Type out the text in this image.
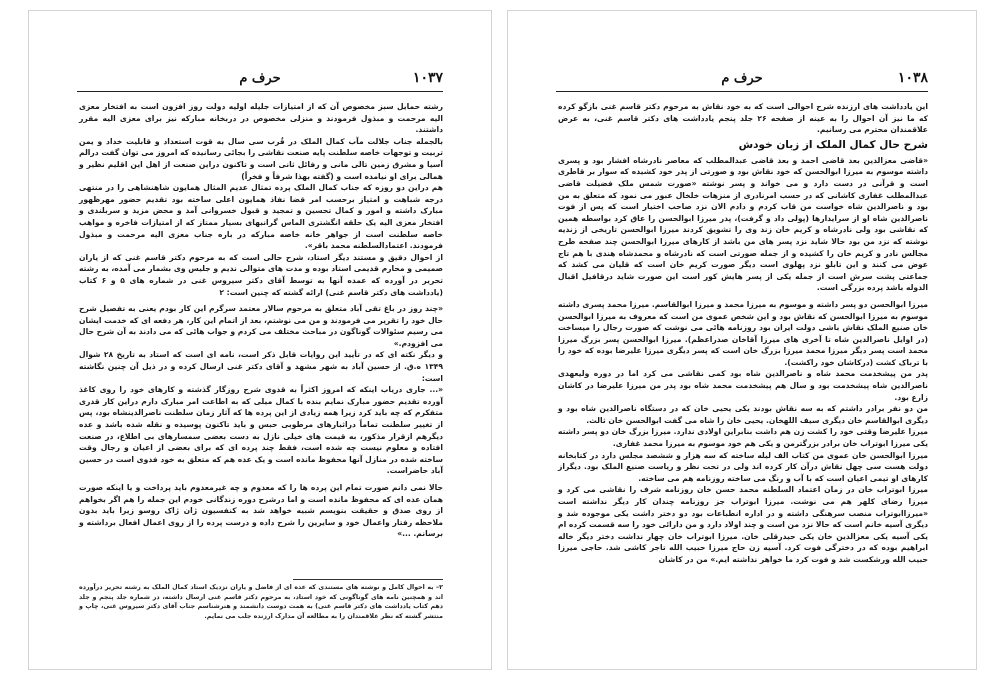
حرف م	۱۰۳۷

رشته حمایل سبز مخصوص آن که از امتیازات جلیله اولیه دولت روز افزون است به افتخار معزی الیه مرحمت و مبذول فرمودند و منزلی مخصوص در دربخانه مبارکه نیز برای معزی الیه مقرر داشتند.

بالجمله جناب جلالت مآب کمال الملک در قُرب سی سال به قوت استعداد و قابلیت خداد و یمن تربیت و توجهات خاصه سلطنت پایه صنعت نقاشی را بجائی رسانیده که امروز می توان گفت درالم آسیا و مشرق زمین تالی مانی و رفائل ثانی است و تاکنون دراین صنعت از اهل این اقلیم نظیر و همالی برای او نیامده است و (گفته بهذا شرفاً و فخراً)

هم دراین دو روزه که جناب کمال الملک پرده تمثال عدیم المثال همایون شاهنشاهی را در منتهی درجه شباهت و امتیاز برحسب امر قضا نفاذ همایون اعلی ساخته بود تقدیم حضور مهرظهور مبارک داشته و امور و کمال تحسین و تمجید و قبول خسروانی آمد و محض مزید و سربلندی و افتخار معزی الیه یک حلقه انگشتری الماس گرانبهای بسیار ممتاز که از امتیازات فاخره و مواهب خاصه سلطنت است از جواهر خانه خاصه مبارکه در باره جناب معزی الیه مرحمت و مبذول فرمودند. اعتمادالسلطنه محمد باقر».

از احوال دقیق و مستند دیگر استاد، شرح حالی است که به مرحوم دکتر قاسم غنی که از یاران صمیمی و محارم قدیمی استاد بوده و مدت های متوالی ندیم و جلیس وی بشمار می آمده، به رشته تحریر در آورده که عمده آنها به توسط آقای دکتر سیروس غنی در شماره های ۵ و ۶ کتاب (یادداشت های دکتر قاسم غنی) ارائه گشته که چنین است: ۲

«چند روز در باغ تقی آباد متعلق به مرحوم سالار معتمد سرگرم این کار بودم یعنی به تفصیل شرح حال خود را تقریر می فرمودند و من می نوشتم، بعد از اتمام این کار، هر دفعه ای که خدمت ایشان می رسیم سئوالات گوناگون در مباحث مختلف می کردم و جواب هائی که می دادند به آن شرح حال می افزودم.»

و دیگر نکته ای که در تأیید این روایات قابل ذکر است، نامه ای است که استاد به تاریخ ۲۸ شوال ۱۳۴۹ ه.ق. از حسین آباد به شهر مشهد و آقای دکتر غنی ارسال کرده و در ذیل آن چنین نگاشته است:

«... جاری دریاب اینکه که امروز اکثراً به قدوی شرح روزگار گذشته و کارهای خود را روی کاغذ آورده تقدیم حضور مبارک نمایم بنده با کمال میلی که به اطاعت امر مبارک دارم دراین کار قدری متفکرم که چه باید کرد زیرا همه زیادی از این پرده ها که آثار زمان سلطنت ناصرالدینشاه بود، پس از تغییر سلطنت تماماً دراثبارهای مرطوبی حبس و باید تاکنون پوسیده و نقله شده باشد و عده دیگرهم ازقرار مذکور، به قیمت های خیلی نازل به دست بعضی سمسارهای بی اطلاع، در صنعت افتاده و معلوم نیست چه شده است، فقط چند پرده ای که برای بعضی از اعیان و رجال وقت ساخته شده در منازل آنها محفوظ مانده است و یک عده هم که متعلق به خود فدوی است در حسین آباد حاضراست.

حالا نمی دانم صورت تمام این پرده ها را که معدوم و چه غیرمعدوم باید پرداخت و یا اینکه صورت همان عده ای که محفوظ مانده است و اما درشرح دوره زندگانی خودم این جمله را هم اگر بخواهم از روی صدق و حقیقت بنویسم شبیه خواهد شد به کنفسیون ژان ژاک روسو زیرا باید بدون ملاحظه رفتار واعمال خود و سایرین را شرح داده و درست پرده را از روی اعمال افعال برداشته و برسانم. ...»

۲– به احوال کامل و نوشته های مستندی که عده ای از فاضل و یاران نزدیک استاد کمال الملک به رشته تحریر درآورده اند و همچنین نامه های گوناگونی که خود استاد، به مرحوم دکتر قاسم غنی ارسال داشته، در شماره جلد پنجم و جلد دهم کتاب یادداشت های دکتر قاسم غنی) به همت دوست دانشمند و هنرشناسم جناب آقای دکتر سیروس غنی، چاپ و منتشر گشته که نظر علاقمندان را به مطالعه آن مدارک ارزنده جلب می نمایم.
حرف م	۱۰۳۸

این یادداشت های ارزنده شرح احوالی است که به خود نقاش به مرحوم دکتر قاسم غنی بازگو کرده که ما نیز آن احوال را به عینه از صفحه ۲۶ جلد پنجم یادداشت های دکتر قاسم غنی، به عرض علاقمندان محترم می رسانیم.

شرح حال کمال الملک از زبان خودش

«قاضی معزالدین بعد قاضی احمد و بعد قاضی عبدالمطلب که معاصر نادرشاه افشار بود و پسری داشته موسوم به میرزا ابوالحسن که خود نقاش بود و صورتی از پدر خود کشیده که سوار بر قاطری است و قرآنی در دست دارد و می خواند و پسر نوشته «صورت شمس ملک فضیلت قاضی عبدالمطلب غفاری کاشانی که در حسب امرنادری از منزهات خلخال عبور می نمود که متعلق به من بود و ناصرالدین شاه خواست من قاب کردم و دادم الان نزد صاحب اختیار است که پس از فوت ناصرالدین شاه او از سرایدارها (پولی داد و گرفت)، پدر میرزا ابوالحسن را عاق کرد بواسطه همین که نقاشی بود ولی نادرشاه و کریم خان زند وی را تشویق کردند میرزا ابوالحسن تاریخی از زندیه نوشته که نزد من بود حالا شاید نزد پسر های من باشد از کارهای میرزا ابوالحسن چند صفحه طرح مجالس نادر و کریم خان را کشیده و از جمله صورتی است که نادرشاه و محمدشاه هندی با هم تاج عوض می کنند و این تابلو نزد پهلوی است دیگر صورت کریم خان است که قلیان می کشد که جماعتی پشت سرش است از جمله یکی از پسر هایش کور است این صورت شاید درقافیل اقبال الدوله باشد پرده بزرگی است.

میرزا ابوالحسن دو پسر داشته و موسوم به میرزا محمد و میرزا ابوالقاسم. میرزا محمد پسری داشته موسوم به میرزا ابوالحسن که نقاش بود و این شخص عموی من است که معروف به میرزا ابوالحسن خان صنیع الملک نقاش باشی دولت ایران بود روزنامه هائی می نوشت که صورت رجال را میساخت (در اوایل ناصرالدین شاه تا آخری های میرزا آقاخان صدراعظم). میرزا ابوالحسن پسر بزرگ میرزا محمد است پسر دیگر میرزا محمد میرزا بزرگ خان است که پسر دیگری میرزا علیرضا بوده که خود را با ترباک کشت (درکاشان خود راکشت).

پدر من پیشخدمت محمد شاه و ناصرالدین شاه بود کمی نقاشی می کرد اما در دوره ولیعهدی ناصرالدین شاه پیشخدمت بود و سال هم پیشخدمت محمد شاه بود پدر من میرزا علیرضا در کاشان زارع بود.

من دو نفر برادر داشتم که به سه نقاش بودند یکی یحیی خان که در دستگاه ناصرالدین شاه بود و دیگری ابوالقاسم خان دیگری سیف اللهخان. یحیی خان را شاه می گفت ابوالحسن خان ثالث.

میرزا علیرضا وقتی خود را کشت زن هم داشت بنابراین اولادی ندارد. میرزا بزرگ خان دو پسر داشته یکی میرزا ابوتراب خان برادر بزرگترمن و یکی هم خود موسوم به میرزا محمد غفاری.

میرزا ابوالحسن خان عموی من کتاب الف لیله ساخته که سه هزار و ششصد مجلس دارد در کتابخانه دولت هست سی چهل نقاش درآن کار کرده اند ولی در تحت نظر و ریاست صنیع الملک بود. دیگراز کارهای او تیمی اعیان است که با آب و رنگ می ساخته روزنامه هم می ساخته.

میرزا ابوتراب خان در زمان اعتماد السلطنه محمد حسن خان روزنامه شرف را نقاشی می کرد و میرزا رضای کلهر هم می نوشت. میرزا ابوتراب جز روزنامه چندان کار دیگر نداشته است «میرزاابوتراب منصب سرهنگی داشته و در اداره انطباعات بود دو دختر داشت یکی موجوده شد و دیگری آسیه خانم است که حالا نزد من است و چند اولاد دارد و من دارائی خود را سه قسمت کرده ام یکی آسیه یکی معزالدین خان یکی حیدرقلی خان. میرزا ابوتراب خان چهار نداشت دختر دیگر خاله ابراهیم بوده که در دخترگی فوت کرد. آسیه زن حاج میرزا حبیب الله تاجر کاشی شد. حاجی میرزا حبیب الله ورشکست شد و فوت کرد ما خواهر نداشته ایم.» من در کاشان
